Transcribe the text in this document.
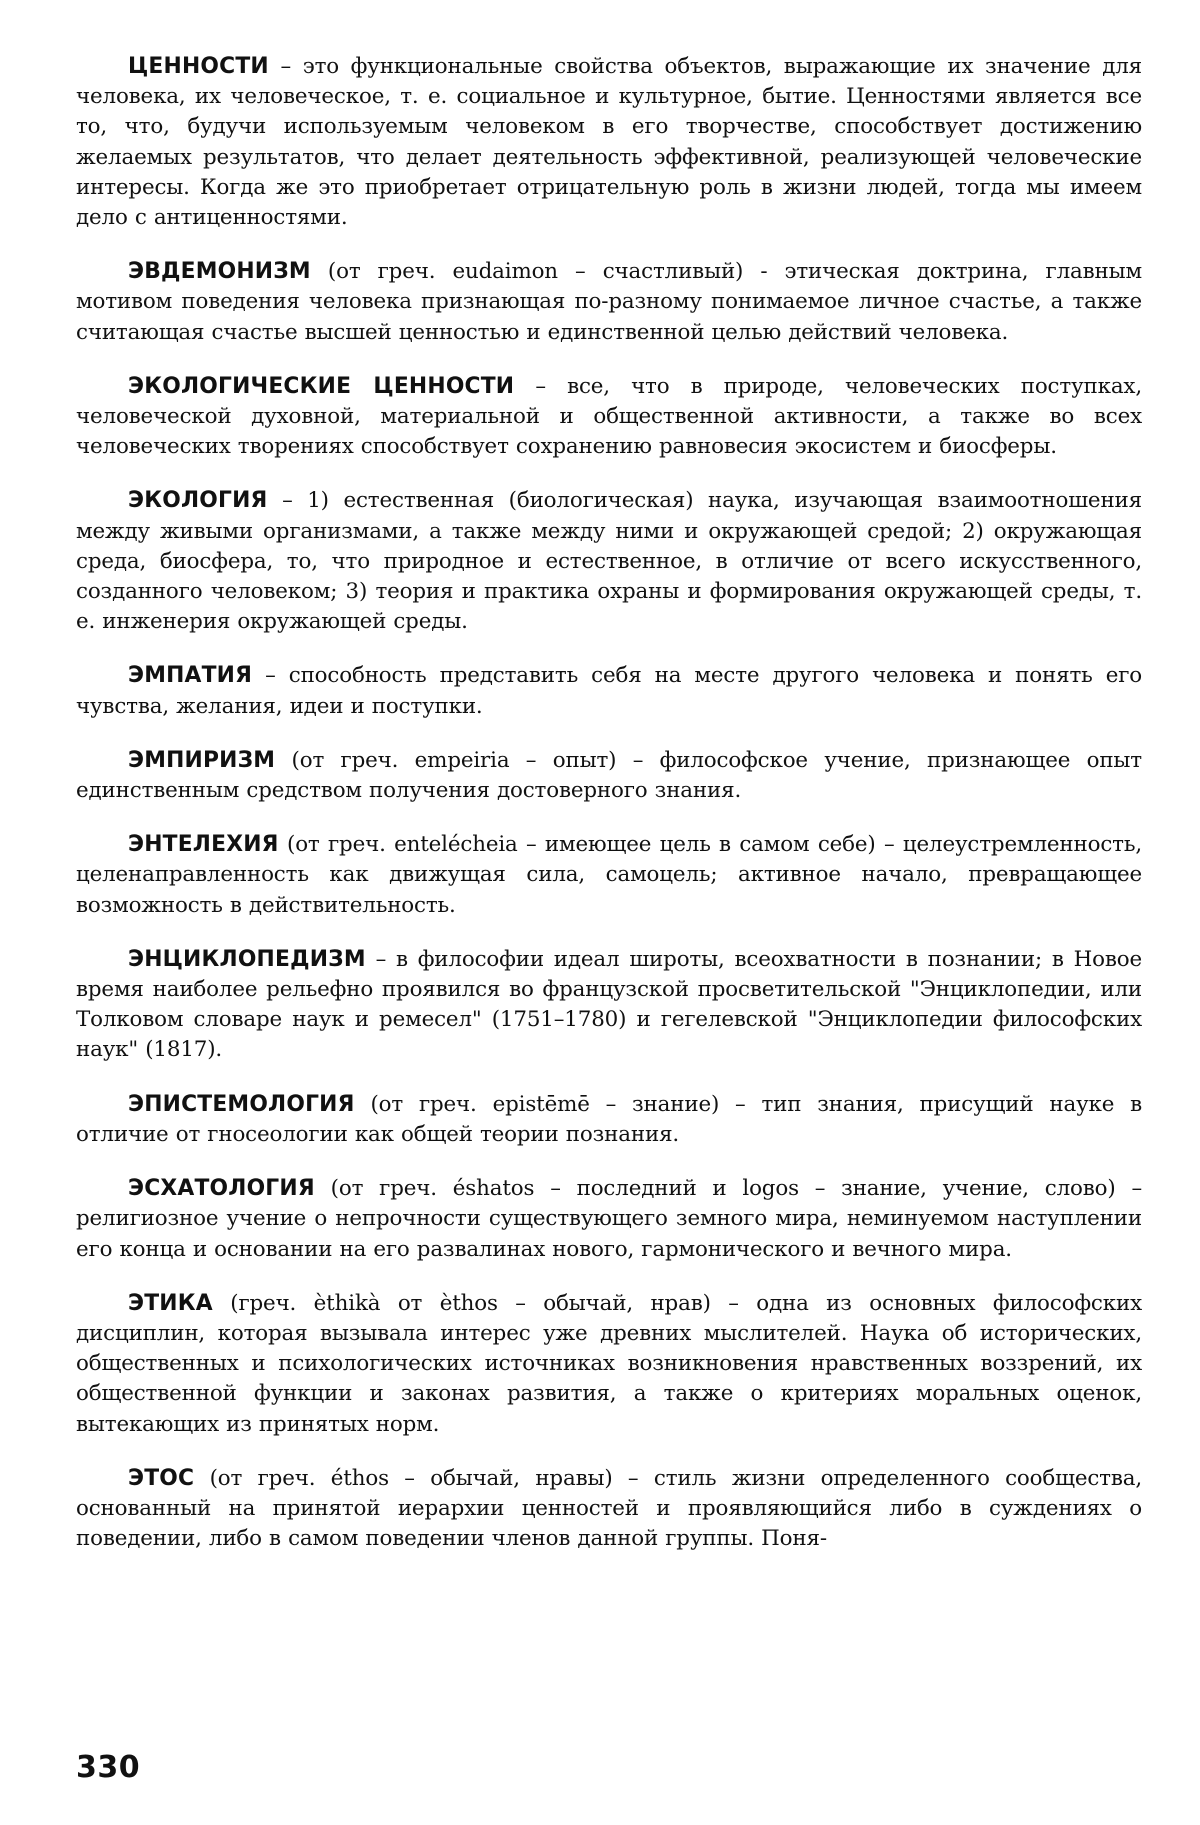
ЦЕННОСТИ – это функциональные свойства объектов, выражающие их значение для человека, их человеческое, т. е. социальное и культурное, бытие. Ценностями является все то, что, будучи используемым человеком в его творчестве, способствует достижению желаемых результатов, что делает деятельность эффективной, реализующей человеческие интересы. Когда же это приобретает отрицательную роль в жизни людей, тогда мы имеем дело с антиценностями.

ЭВДЕМОНИЗМ (от греч. eudaimon – счастливый) - этическая доктрина, главным мотивом поведения человека признающая по-разному понимаемое личное счастье, а также считающая счастье высшей ценностью и единственной целью действий человека.

ЭКОЛОГИЧЕСКИЕ ЦЕННОСТИ – все, что в природе, человеческих поступках, человеческой духовной, материальной и общественной активности, а также во всех человеческих творениях способствует сохранению равновесия экосистем и биосферы.

ЭКОЛОГИЯ – 1) естественная (биологическая) наука, изучающая взаимоотношения между живыми организмами, а также между ними и окружающей средой; 2) окружающая среда, биосфера, то, что природное и естественное, в отличие от всего искусственного, созданного человеком; 3) теория и практика охраны и формирования окружающей среды, т. е. инженерия окружающей среды.

ЭМПАТИЯ – способность представить себя на месте другого человека и понять его чувства, желания, идеи и поступки.

ЭМПИРИЗМ (от греч. empeiria – опыт) – философское учение, признающее опыт единственным средством получения достоверного знания.

ЭНТЕЛЕХИЯ (от греч. entelécheia – имеющее цель в самом себе) – целеустремленность, целенаправленность как движущая сила, самоцель; активное начало, превращающее возможность в действительность.

ЭНЦИКЛОПЕДИЗМ – в философии идеал широты, всеохватности в познании; в Новое время наиболее рельефно проявился во французской просветительской "Энциклопедии, или Толковом словаре наук и ремесел" (1751–1780) и гегелевской "Энциклопедии философских наук" (1817).

ЭПИСТЕМОЛОГИЯ (от греч. epistēmē – знание) – тип знания, присущий науке в отличие от гносеологии как общей теории познания.

ЭСХАТОЛОГИЯ (от греч. éshatos – последний и logos – знание, учение, слово) – религиозное учение о непрочности существующего земного мира, неминуемом наступлении его конца и основании на его развалинах нового, гармонического и вечного мира.

ЭТИКА (греч. èthikà от èthos – обычай, нрав) – одна из основных философских дисциплин, которая вызывала интерес уже древних мыслителей. Наука об исторических, общественных и психологических источниках возникновения нравственных воззрений, их общественной функции и законах развития, а также о критериях моральных оценок, вытекающих из принятых норм.

ЭТОС (от греч. éthos – обычай, нравы) – стиль жизни определенного сообщества, основанный на принятой иерархии ценностей и проявляющийся либо в суждениях о поведении, либо в самом поведении членов данной группы. Поня-

330
